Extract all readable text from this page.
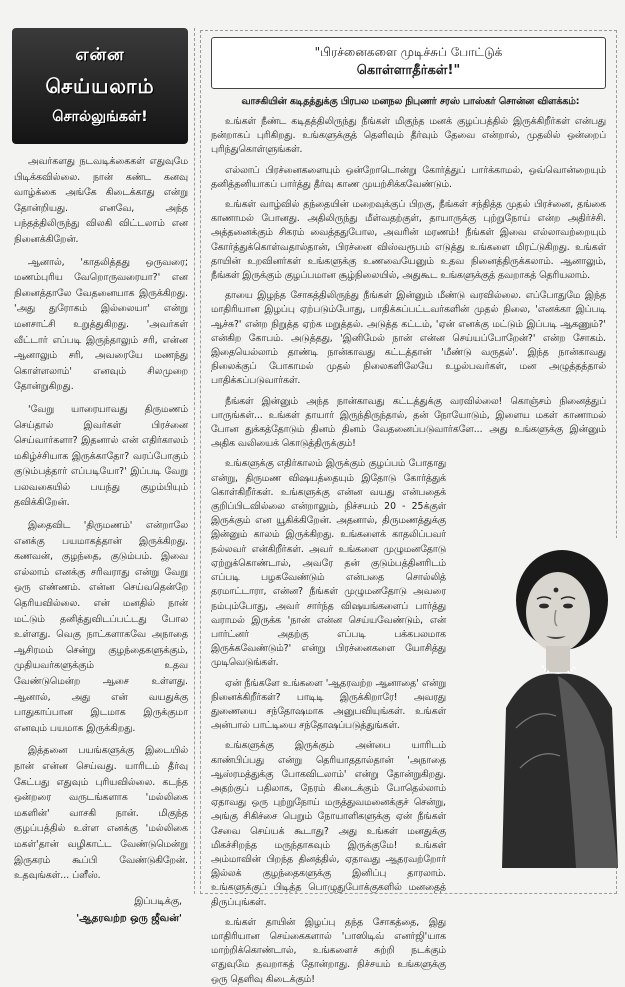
என்ன
செய்யலாம்
சொல்லுங்கள்!

அவர்களது நடவடிக்கைகள் எதுவுமே பிடிக்கவில்லை. நான் கண்ட கனவு வாழ்க்கை அங்கே கிடைக்காது என்று தோன்றியது. எனவே, அந்த பந்தத்திலிருந்து விலகி விட்டலாம் என நினைக்கிறேன்.

ஆனால், 'காதலித்தது ஒருவரை; மணம்புரிய வேறொருவரையா?' என நினைத்தாலே வேதனையாக இருக்கிறது. 'அது துரோகம் இல்லையா' என்று மனசாட்சி உறுத்துகிறது. 'அவர்கள் வீட்டார் எப்படி இருந்தாலும் சரி, என்ன ஆனாலும் சரி, அவரையே மணந்து கொள்ளலாம்' எனவும் சிலமுறை தோன்றுகிறது.

'வேறு யாரையாவது திருமணம் செய்தால் இவர்கள் பிரச்னை செய்வார்களா? இதனால் என் எதிர்காலம் மகிழ்ச்சியாக இருக்காதோ? வரப்போகும் குடும்பத்தார் எப்படியோ?' இப்படி வேறு பலவகையில் பயந்து குழம்பியும் தவிக்கிறேன்.

இதைவிட 'திருமணம்' என்றாலே எனக்கு பயமாகத்தான் இருக்கிறது. கணவன், குழந்தை, குடும்பம். இவை எல்லாம் எனக்கு சரிவராது என்று வேறு ஒரு எண்ணம். என்ன செய்வதென்றே தெரியவில்லை. என் மனதில் நான் மட்டும் தனித்துவிடப்பட்டது போல உள்ளது. வெகு நாட்களாகவே அநாதை ஆசிரமம் சென்று குழந்தைகளுக்கும், முதியவர்களுக்கும் உதவ வேண்டுமென்ற ஆசை உள்ளது. ஆனால், அது என் வயதுக்கு பாதுகாப்பான இடமாக இருக்குமா எனவும் பயமாக இருக்கிறது.

இத்தனை பயங்களுக்கு இடையில் நான் என்ன செய்வது. யாரிடம் தீர்வு கேட்பது எதுவும் புரியவில்லை. கடந்த ஒன்றரை வருடங்களாக 'மல்லிகை மகளின்' வாசகி நான். மிகுந்த குழப்பத்தில் உள்ள எனக்கு 'மல்லிகை மகள்'தான் வழிகாட்ட வேண்டுமென்று இருகரம் கூப்பி வேண்டுகிறேன். உதவுங்கள்... ப்ளீஸ்.

இப்படிக்கு,
'ஆதரவற்ற ஒரு ஜீவன்'
"பிரச்னைகளை முடிச்சுப் போட்டுக்
கொள்ளாதீர்கள்!"
வாசகியின் கடிதத்துக்கு பிரபல மனநல நிபுணர் சரஸ் பாஸ்கர் சொன்ன விளக்கம்:

உங்கள் நீண்ட கடிதத்திலிருந்து நீங்கள் மிகுந்த மனக் குழப்பத்தில் இருக்கிறீர்கள் என்பது நன்றாகப் புரிகிறது. உங்களுக்குத் தெளிவும் தீர்வும் தேவை என்றால், முதலில் ஒன்றைப் புரிந்துகொள்ளுங்கள்.

எல்லாப் பிரச்னைகளையும் ஒன்றோடொன்று கோர்த்துப் பார்க்காமல், ஒவ்வொன்றையும் தனித்தனியாகப் பார்த்து தீர்வு காண முயற்சிக்கவேண்டும்.

உங்கள் வாழ்வில் தந்தையின் மறைவுக்குப் பிறகு, நீங்கள் சந்தித்த முதல் பிரச்னை, தங்கை காணாமல் போனது. அதிலிருந்து மீள்வதற்குள், தாயாருக்கு புற்றுநோய் என்ற அதிர்ச்சி. அத்தனைக்கும் சிகரம் வைத்ததுபோல, அவரின் மரணம்! நீங்கள் இவை எல்லாவற்றையும் கோர்த்துக்கொள்வதால்தான், பிரச்னை விஸ்வரூபம் எடுத்து உங்களை மிரட்டுகிறது. உங்கள் தாயின் உறவினர்கள் உங்களுக்கு உணவையேனும் உதவ நினைத்திருக்கலாம். ஆனாலும், நீங்கள் இருக்கும் குழப்பமான சூழ்நிலையில், அதுகூட உங்களுக்குத் தவறாகத் தெரியலாம்.

தாயை இழந்த சோகத்திலிருந்து நீங்கள் இன்னும் மீண்டு வரவில்லை. எப்போதுமே இந்த மாதிரியான இழப்பு ஏற்படும்போது, பாதிக்கப்பட்டவர்களின் முதல் நிலை, 'எனக்கா இப்படி ஆச்சு?' என்ற நிறுத்த ஏற்க மறுத்தல். அடுத்த கட்டம், 'ஏன் எனக்கு மட்டும் இப்படி ஆகணும்?' என்கிற கோபம். அடுத்தது, 'இனிமேல் நான் என்ன செய்யப்போறேன்?' என்ற சோகம். இதையெல்லாம் தாண்டி நான்காவது கட்டத்தான் 'மீண்டு வருதல்'. இந்த நான்காவது நிலைக்குப் போகாமல் முதல் நிலைகளிலேயே உழல்பவர்கள், மன அழுத்தத்தால் பாதிக்கப்படுவார்கள்.

நீங்கள் இன்னும் அந்த நான்காவது கட்டத்துக்கு வரவில்லை! கொஞ்சம் நினைத்துப் பாருங்கள்... உங்கள் தாயார் இருந்திருந்தால், தன் நோயோடும், இளைய மகள் காணாமல் போன துக்கத்தோடும் தினம் தினம் வேதனைப்படுவார்களே... அது உங்களுக்கு இன்னும் அதிக வலியைக் கொடுத்திருக்கும்!

உங்களுக்கு எதிர்காலம் இருக்கும் குழப்பம் போதாது என்று, திருமண விஷயத்தையும் இதோடு கோர்த்துக் கொள்கிறீர்கள். உங்களுக்கு என்ன வயது என்பதைக் குறிப்பிடவில்லை என்றாலும், நிச்சயம் 20 - 25க்குள் இருக்கும் என யூகிக்கிறேன். அதனால், திருமணத்துக்கு இன்னும் காலம் இருக்கிறது. உங்களைக் காதலிப்பவர் நல்லவர் என்கிறீர்கள். அவர் உங்களை முழுமனதோடு ஏற்றுக்கொண்டால், அவரே தன் குடும்பத்தினரிடம் எப்படி பழகவேண்டும் என்பதை சொல்லித் தரமாட்டாரா, என்ன? நீங்கள் முழுமனதோடு அவரை நம்பும்போது, அவர் சார்ந்த விஷயங்களைப் பார்த்து வராமல் இருக்க 'நான் என்ன செய்யவேண்டும், என் பார்ட்னர் அதற்கு எப்படி பக்கபலமாக இருக்கவேண்டும்?' என்று பிரச்னைகளை யோசித்து முடிவெடுங்கள்.

ஏன் நீங்களே உங்களை 'ஆதரவற்ற ஆனாதை' என்று நினைக்கிறீர்கள்? பாடிடி இருக்கிறாரே! அவரது துணையை சந்தோஷமாக அனுபவியுங்கள். உங்கள் அன்பால் பாட்டியை சந்தோஷப்படுத்துங்கள்.

உங்களுக்கு இருக்கும் அன்பை யாரிடம் காண்பிப்பது என்று தெரியாததால்தான் 'அநாதை ஆஸ்ரமத்துக்கு போகவிடலாம்' என்று தோன்றுகிறது. அதற்குப் பதிலாக, நேரம் கிடைக்கும் போதெல்லாம் ஏதாவது ஒரு புற்றுநோய் மருத்துவமனைக்குச் சென்று, அங்கு சிகிச்சை பெறும் நோயாளிகளுக்கு ஏன் நீங்கள் சேவை செய்யக் கூடாது? அது உங்கள் மனதுக்கு மிகச்சிறந்த மருந்தாகவும் இருக்குமே! உங்கள் அம்மாவின் பிறந்த தினத்தில், ஏதாவது ஆதரவற்றோர் இல்லக் குழந்தைகளுக்கு இனிப்பு தாரலாம். உங்களுக்குப் பிடித்த பொழுதுபோக்குகளில் மனதைத் திருப்புங்கள்.

உங்கள் தாயின் இழப்பு தந்த சோகத்தை, இது மாதிரியான செய்கைகளால் 'பாஸிடிவ் எனர்ஜி'யாக மாற்றிக்கொண்டால், உங்களைச் சுற்றி நடக்கும் எதுவுமே தவறாகத் தோன்றாது. நிச்சயம் உங்களுக்கு ஒரு தெளிவு கிடைக்கும்!
